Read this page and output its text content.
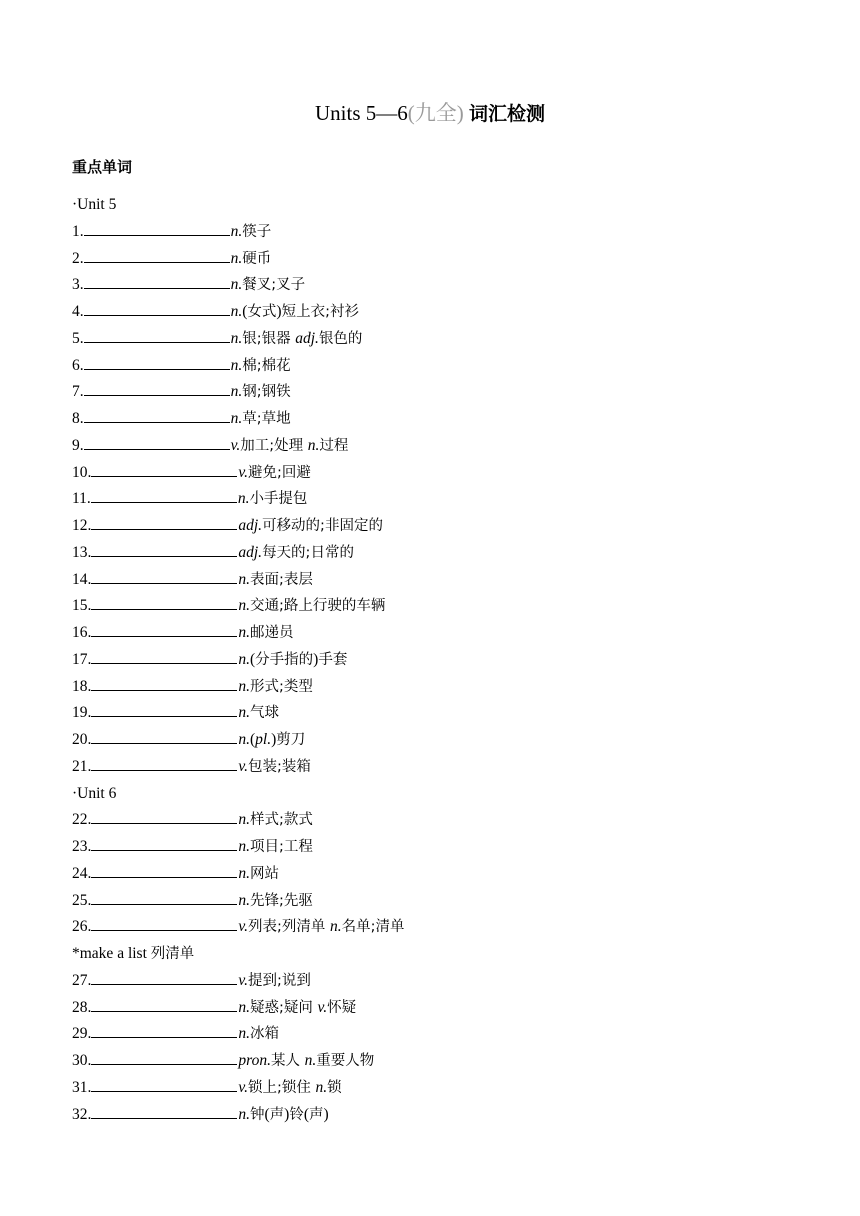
Units 5—6(九全) 词汇检测
重点单词
·Unit 5
1.	n.筷子
2.	n.硬币
3.	n.餐叉;叉子
4.	n.(女式)短上衣;衬衫
5.	n.银;银器 adj.银色的
6.	n.棉;棉花
7.	n.钢;钢铁
8.	n.草;草地
9.	v.加工;处理 n.过程
10.	v.避免;回避
11.	n.小手提包
12.	adj.可移动的;非固定的
13.	adj.每天的;日常的
14.	n.表面;表层
15.	n.交通;路上行驶的车辆
16.	n.邮递员
17.	n.(分手指的)手套
18.	n.形式;类型
19.	n.气球
20.	n.(pl.)剪刀
21.	v.包装;装箱
·Unit 6
22.	n.样式;款式
23.	n.项目;工程
24.	n.网站
25.	n.先锋;先驱
26.	v.列表;列清单 n.名单;清单
*make a list 列清单
27.	v.提到;说到
28.	n.疑惑;疑问 v.怀疑
29.	n.冰箱
30.	pron.某人 n.重要人物
31.	v.锁上;锁住 n.锁
32.	n.钟(声)铃(声)
